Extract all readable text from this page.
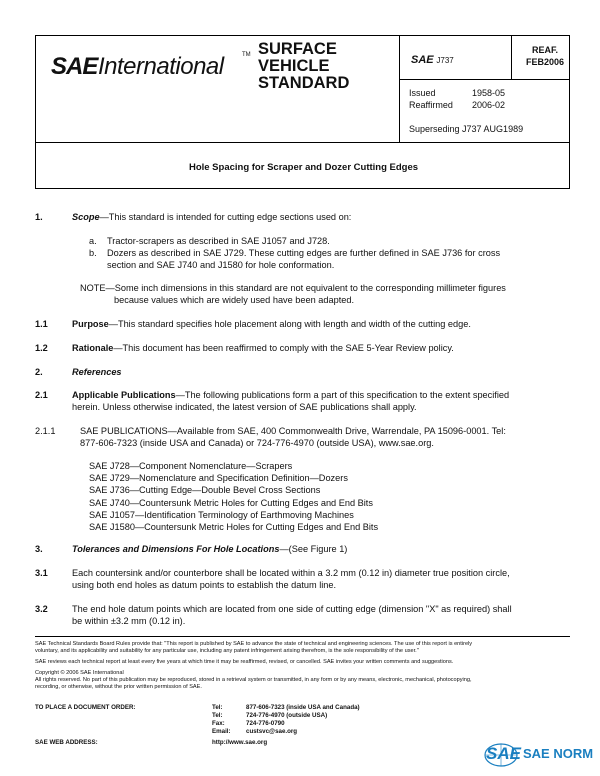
SAE International	TM SURFACE
VEHICLE
STANDARD
SAE J737
REAF.
FEB2006
Issued	1958-05
Reaffirmed 2006-02
Superseding J737 AUG1989
Hole Spacing for Scraper and Dozer Cutting Edges
1.	Scope—This standard is intended for cutting edge sections used on:
a. Tractor-scrapers as described in SAE J1057 and J728.
b. Dozers as described in SAE J729. These cutting edges are further defined in SAE J736 for cross
section and SAE J740 and J1580 for hole conformation.
NOTE—Some inch dimensions in this standard are not equivalent to the corresponding millimeter figures
because values which are widely used have been adapted.
1.1	Purpose—This standard specifies hole placement along with length and width of the cutting edge.
1.2	Rationale—This document has been reaffirmed to comply with the SAE 5-Year Review policy.
2.	References
2.1	Applicable Publications—The following publications form a part of this specification to the extent specified
herein. Unless otherwise indicated, the latest version of SAE publications shall apply.
2.1.1	SAE PUBLICATIONS—Available from SAE, 400 Commonwealth Drive, Warrendale, PA 15096-0001. Tel:
877-606-7323 (inside USA and Canada) or 724-776-4970 (outside USA), www.sae.org.
SAE J728—Component Nomenclature—Scrapers
SAE J729—Nomenclature and Specification Definition—Dozers
SAE J736—Cutting Edge—Double Bevel Cross Sections
SAE J740—Countersunk Metric Holes for Cutting Edges and End Bits
SAE J1057—Identification Terminology of Earthmoving Machines
SAE J1580—Countersunk Metric Holes for Cutting Edges and End Bits
3.	Tolerances and Dimensions For Hole Locations—(See Figure 1)
3.1	Each countersink and/or counterbore shall be located within a 3.2 mm (0.12 in) diameter true position circle,
using both end holes as datum points to establish the datum line.
3.2	The end hole datum points which are located from one side of cutting edge (dimension "X" as required) shall
be within ±3.2 mm (0.12 in).
SAE Technical Standards Board Rules provide that: "This report is published by SAE to advance the state of technical and engineering sciences. The use of this report is entirely
voluntary, and its applicability and suitability for any particular use, including any patent infringement arising therefrom, is the sole responsibility of the user."
SAE reviews each technical report at least every five years at which time it may be reaffirmed, revised, or cancelled. SAE invites your written comments and suggestions.
Copyright © 2006 SAE International
All rights reserved. No part of this publication may be reproduced, stored in a retrieval system or transmitted, in any form or by any means, electronic, mechanical, photocopying,
recording, or otherwise, without the prior written permission of SAE.
TO PLACE A DOCUMENT ORDER:	Tel:	877-606-7323 (inside USA and Canada)
Tel:	724-776-4970 (outside USA)
Fax:	724-776-0790
Email: custsvc@sae.org
SAE WEB ADDRESS:	http://www.sae.org
SAE SAE NORM
